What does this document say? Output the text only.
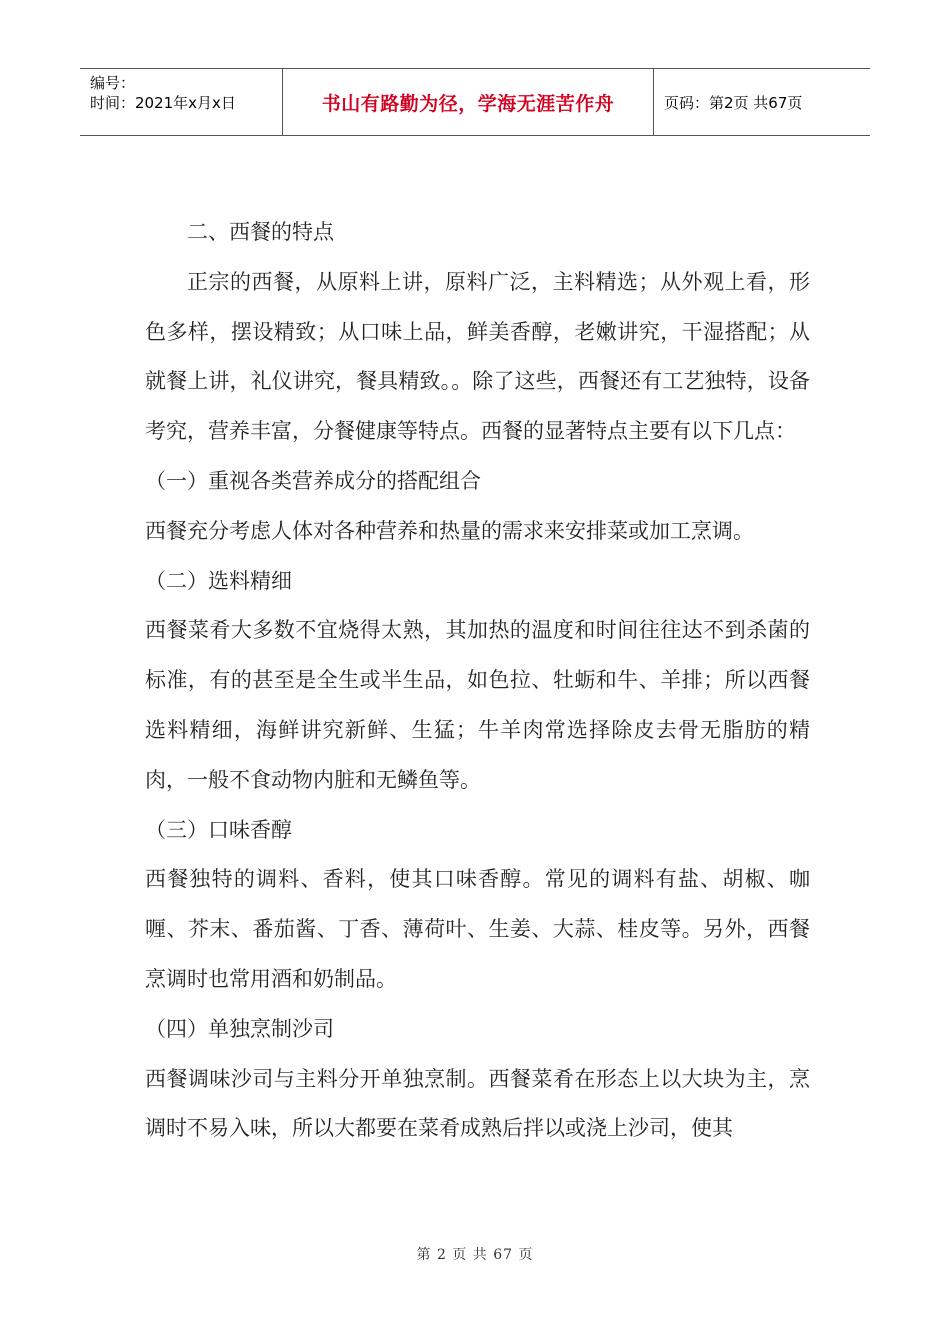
编号：
时间：2021年x月x日	书山有路勤为径，学海无涯苦作舟	页码：第2页 共67页

二、西餐的特点

正宗的西餐，从原料上讲，原料广泛，主料精选；从外观上看，形色多样，摆设精致；从口味上品，鲜美香醇，老嫩讲究，干湿搭配；从就餐上讲，礼仪讲究，餐具精致。。除了这些，西餐还有工艺独特，设备考究，营养丰富，分餐健康等特点。西餐的显著特点主要有以下几点：

（一）重视各类营养成分的搭配组合

西餐充分考虑人体对各种营养和热量的需求来安排菜或加工烹调。

（二）选料精细

西餐菜肴大多数不宜烧得太熟，其加热的温度和时间往往达不到杀菌的标准，有的甚至是全生或半生品，如色拉、牡蛎和牛、羊排；所以西餐选料精细，海鲜讲究新鲜、生猛；牛羊肉常选择除皮去骨无脂肪的精肉，一般不食动物内脏和无鳞鱼等。

（三）口味香醇

西餐独特的调料、香料，使其口味香醇。常见的调料有盐、胡椒、咖喱、芥末、番茄酱、丁香、薄荷叶、生姜、大蒜、桂皮等。另外，西餐烹调时也常用酒和奶制品。

（四）单独烹制沙司

西餐调味沙司与主料分开单独烹制。西餐菜肴在形态上以大块为主，烹调时不易入味，所以大都要在菜肴成熟后拌以或浇上沙司，使其

第 2 页 共 67 页
